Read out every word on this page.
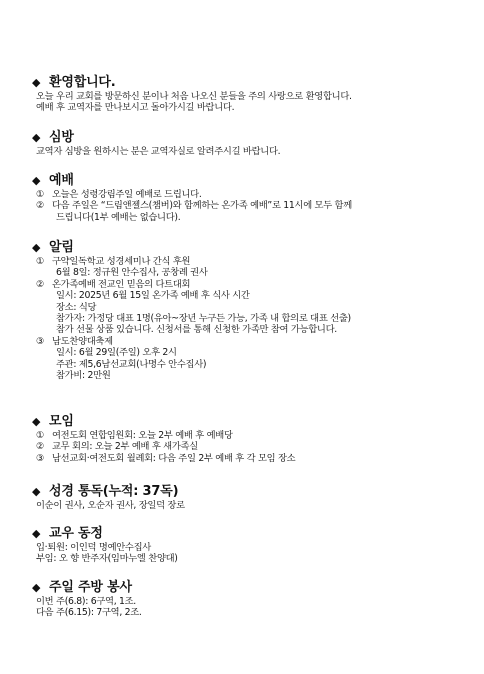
◆ 환영합니다.
오늘 우리 교회를 방문하신 분이나 처음 나오신 분들을 주의 사랑으로 환영합니다.
예배 후 교역자를 만나보시고 돌아가시길 바랍니다.
◆ 심방
교역자 심방을 원하시는 분은 교역자실로 알려주시길 바랍니다.
◆ 예배
① 오늘은 성령강림주일 예배로 드립니다.
② 다음 주일은 “드림앤젤스(챔버)와 함께하는 온가족 예배”로 11시에 모두 함께
드립니다(1부 예배는 없습니다).
◆ 알림
① 구약일독학교 성경세미나 간식 후원
6월 8일: 정규원 안수집사, 공창례 권사
② 온가족예배 전교인 믿음의 다트대회
일시: 2025년 6월 15일 온가족 예배 후 식사 시간
장소: 식당
참가자: 가정당 대표 1명(유아~장년 누구든 가능, 가족 내 합의로 대표 선출)
참가 선물 상품 있습니다. 신청서를 통해 신청한 가족만 참여 가능합니다.
③ 남도찬양대축제
일시: 6월 29일(주일) 오후 2시
주관: 제5,6남선교회(나명수 안수집사)
참가비: 2만원
◆ 모임
① 여전도회 연합임원회: 오늘 2부 예배 후 예배당
② 교무 회의: 오늘 2부 예배 후 새가족실
③ 남선교회·여전도회 월례회: 다음 주일 2부 예배 후 각 모임 장소
◆ 성경 통독(누적: 37독)
이순이 권사, 오순자 권사, 장일덕 장로
◆ 교우 동정
입·퇴원: 이인덕 명예안수집사
부임: 오 향 반주자(임마누엘 찬양대)
◆ 주일 주방 봉사
이번 주(6.8): 6구역, 1조.
다음 주(6.15): 7구역, 2조.
